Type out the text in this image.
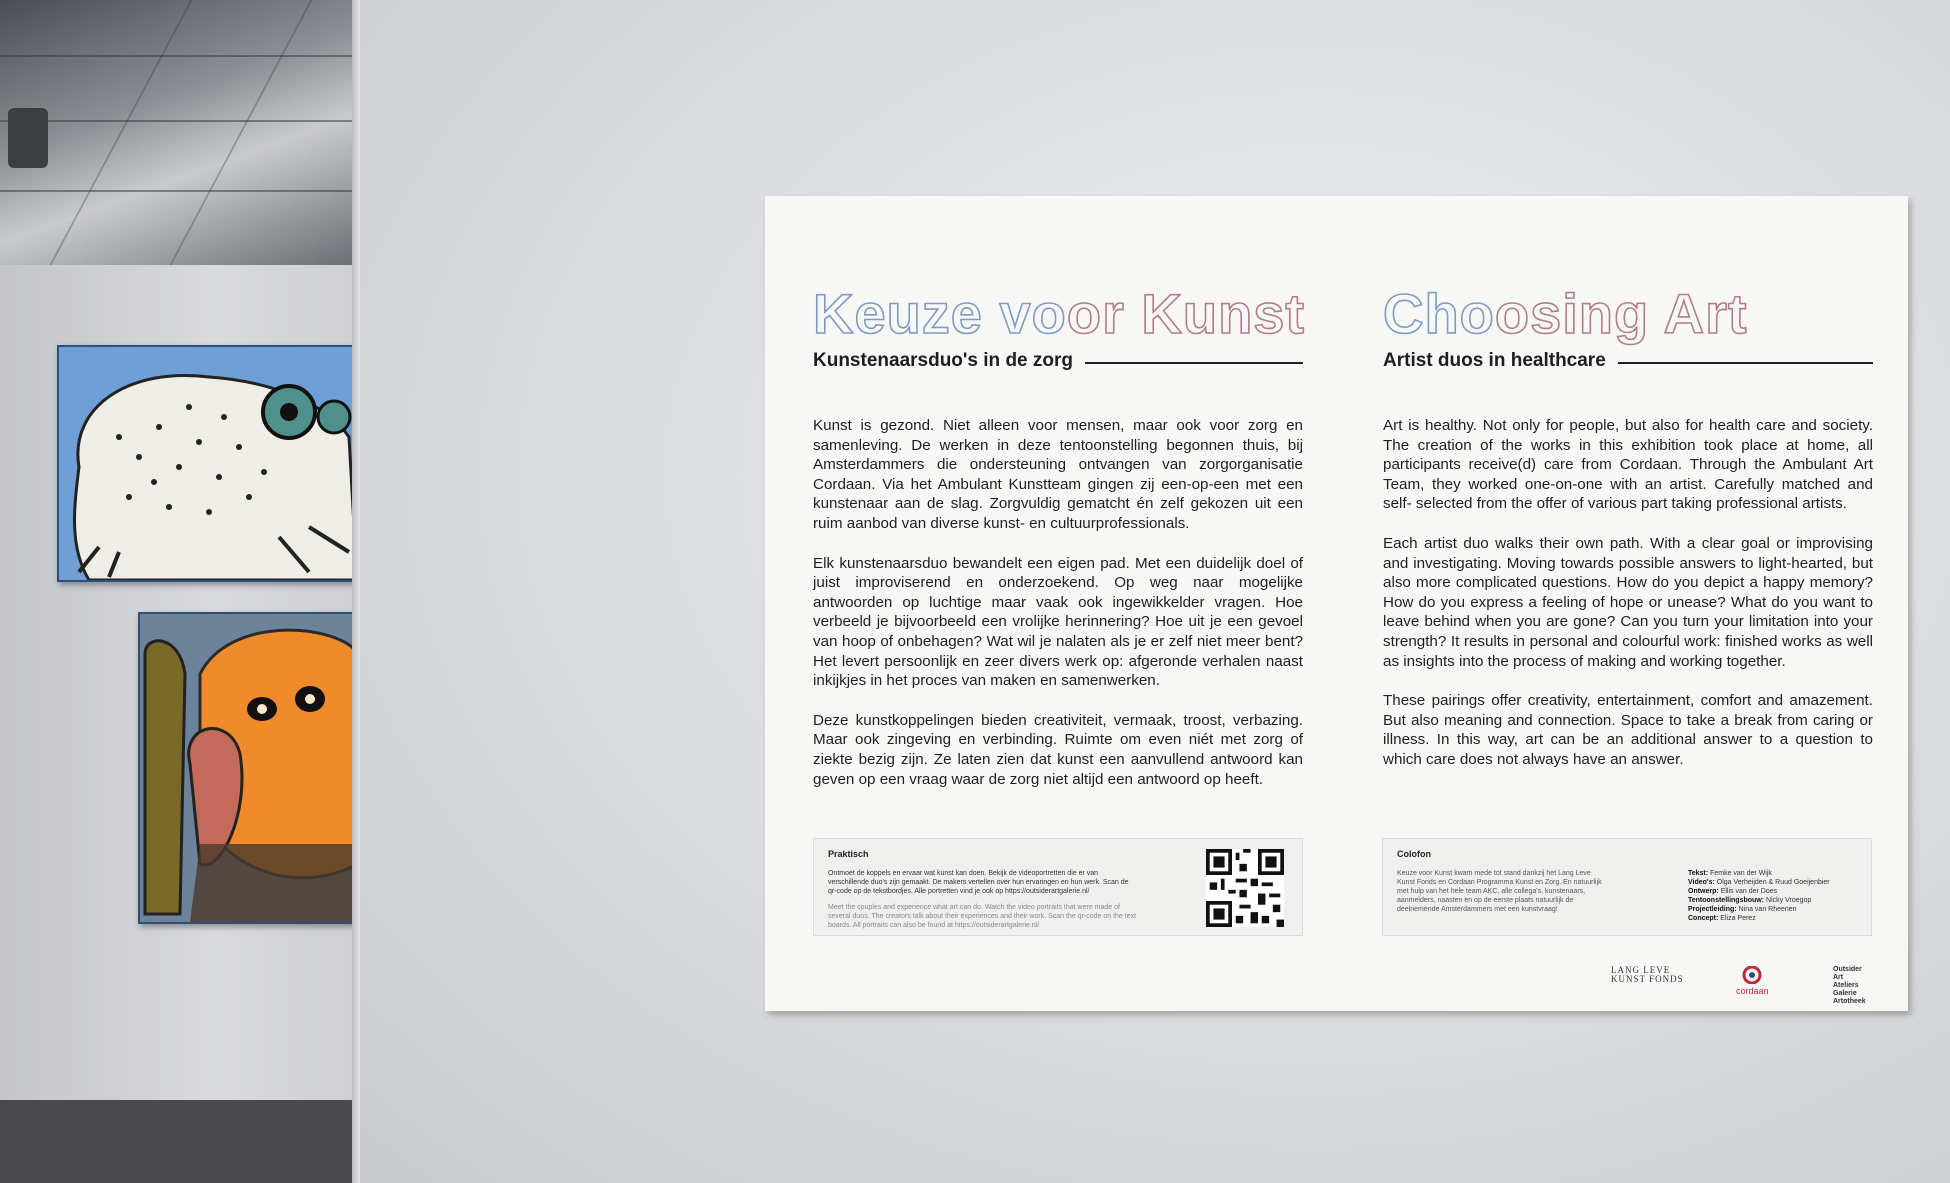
Keuze voor Kunst
Kunstenaarsduo's in de zorg

Kunst is gezond. Niet alleen voor mensen, maar ook voor zorg en samenleving. De werken in deze tentoonstelling begonnen thuis, bij Amsterdammers die ondersteuning ontvangen van zorgorganisatie Cordaan. Via het Ambulant Kunstteam gingen zij een-op-een met een kunstenaar aan de slag. Zorgvuldig gematcht én zelf gekozen uit een ruim aanbod van diverse kunst- en cultuurprofessionals.

Elk kunstenaarsduo bewandelt een eigen pad. Met een duidelijk doel of juist improviserend en onderzoekend. Op weg naar mogelijke antwoorden op luchtige maar vaak ook ingewikkelder vragen. Hoe verbeeld je bijvoorbeeld een vrolijke herinnering? Hoe uit je een gevoel van hoop of onbehagen? Wat wil je nalaten als je er zelf niet meer bent? Het levert persoonlijk en zeer divers werk op: afgeronde verhalen naast inkijkjes in het proces van maken en samenwerken.

Deze kunstkoppelingen bieden creativiteit, vermaak, troost, verbazing. Maar ook zingeving en verbinding. Ruimte om even niét met zorg of ziekte bezig zijn. Ze laten zien dat kunst een aanvullend antwoord kan geven op een vraag waar de zorg niet altijd een antwoord op heeft.

Choosing Art
Artist duos in healthcare

Art is healthy. Not only for people, but also for health care and society. The creation of the works in this exhibition took place at home, all participants receive(d) care from Cordaan. Through the Ambulant Art Team, they worked one-on-one with an artist. Carefully matched and self- selected from the offer of various part taking professional artists.

Each artist duo walks their own path. With a clear goal or improvising and investigating. Moving towards possible answers to light-hearted, but also more complicated questions. How do you depict a happy memory? How do you express a feeling of hope or unease? What do you want to leave behind when you are gone? Can you turn your limitation into your strength? It results in personal and colourful work: finished works as well as insights into the process of making and working together.

These pairings offer creativity, entertainment, comfort and amazement. But also meaning and connection. Space to take a break from caring or illness. In this way, art can be an additional answer to a question to which care does not always have an answer.

Praktisch
Ontmoet de koppels en ervaar wat kunst kan doen. Bekijk de videoportretten die er van verschillende duo's zijn gemaakt. De makers vertellen over hun ervaringen en hun werk. Scan de qr-code op de tekstbordjes. Alle portretten vind je ook op https://outsiderartgalerie.nl/
Meet the couples and experience what art can do. Watch the video portraits that were made of several duos. The creators talk about their experiences and their work. Scan the qr-code on the text boards. All portraits can also be found at https://outsiderartgalerie.nl/
Colofon
Keuze voor Kunst kwam mede tot stand dankzij het Lang Leve Kunst Fonds en Cordaan Programma Kunst en Zorg. En natuurlijk met hulp van het hele team AKC, alle collega's, kunstenaars, aanmelders, naasten en op de eerste plaats natuurlijk de deelnemende Amsterdammers met een kunstvraag!
Tekst: Femke van der Wijk
Video's: Olga Verheijden & Ruud Goeijenbier
Ontwerp: Ellis van der Does
Tentoonstellingsbouw: Nicky Vroegop
Projectleiding: Nina van Rheenen
Concept: Eliza Perez
LANG LEVE
KUNST FONDS
cordaan
Outsider
Art
Ateliers
Galerie
Artotheek
